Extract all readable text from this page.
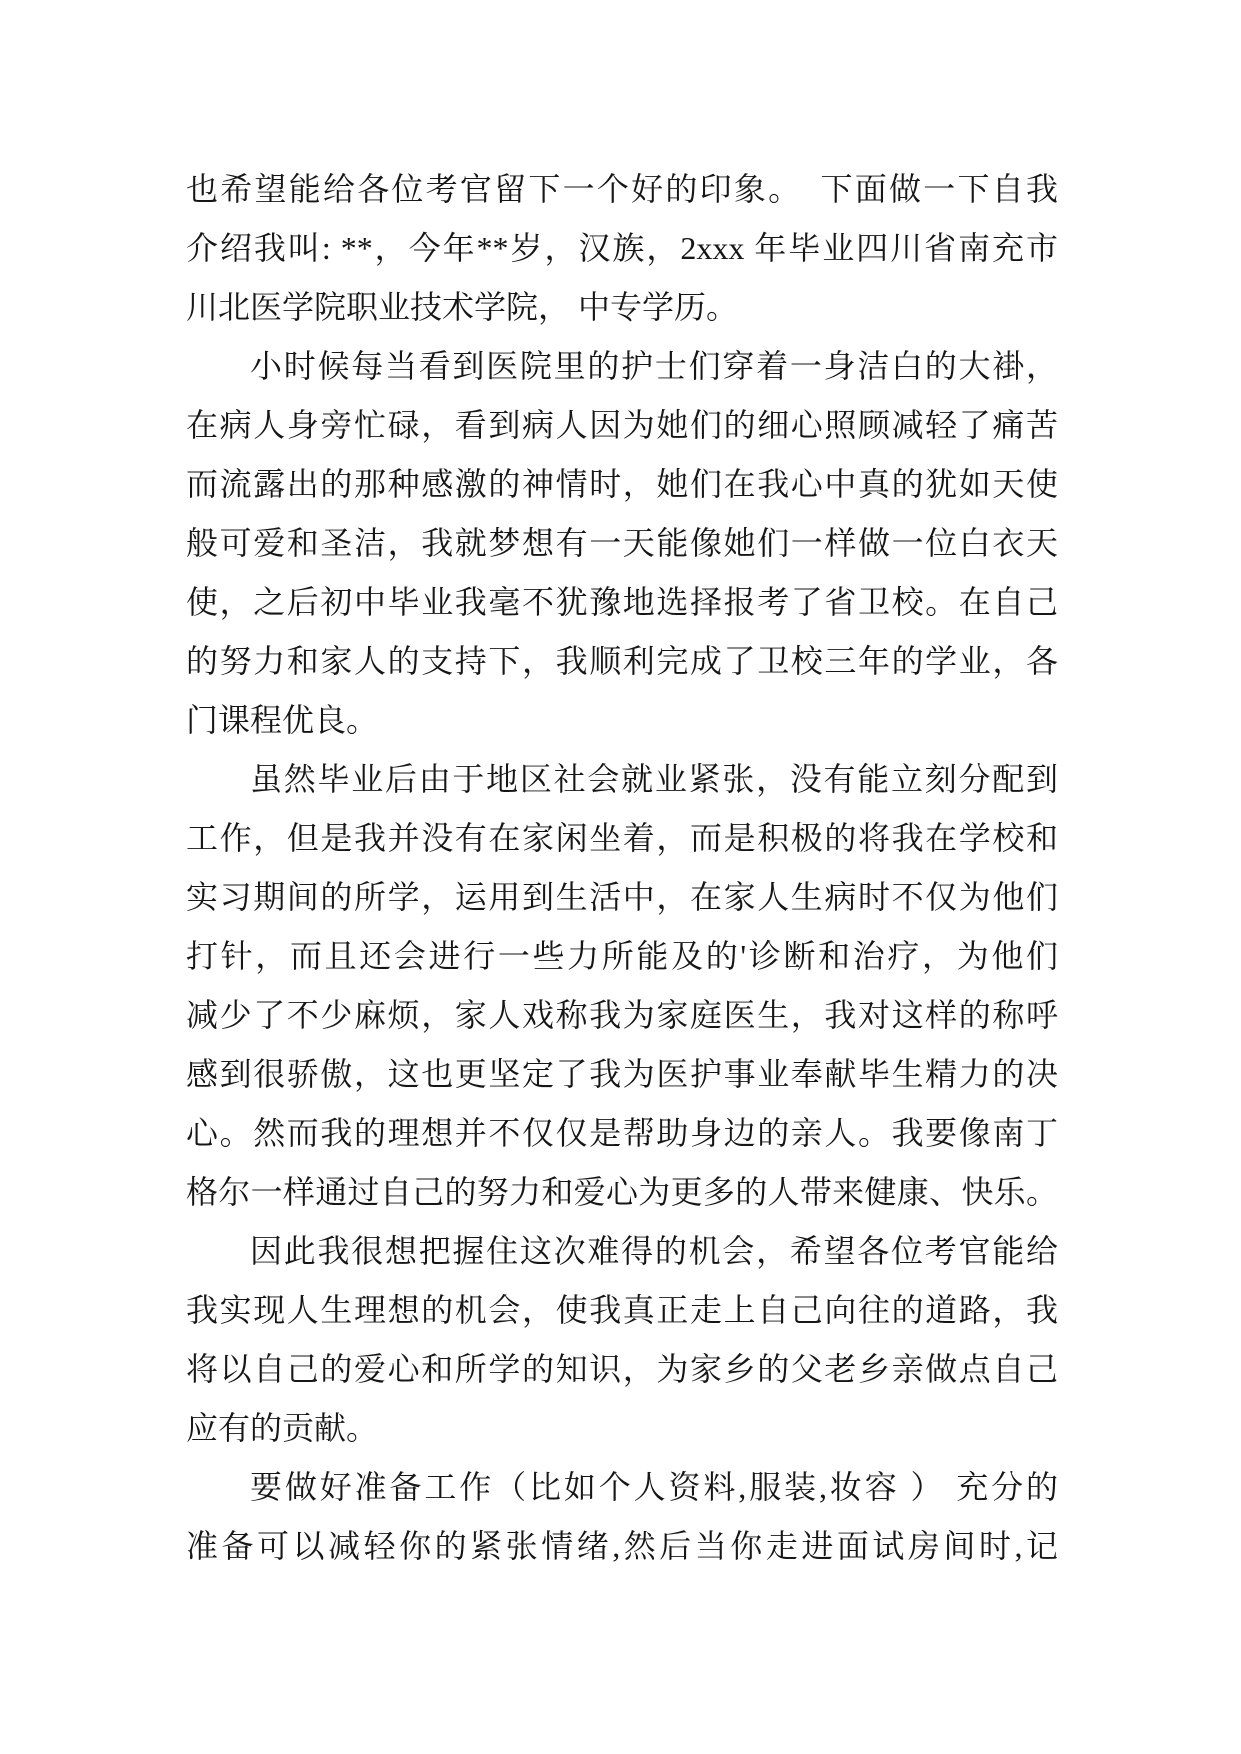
也希望能给各位考官留下一个好的印象。　下面做一下自我
介绍我叫: **，今年**岁，汉族，2xxx 年毕业四川省南充市
川北医学院职业技术学院， 中专学历。
小时候每当看到医院里的护士们穿着一身洁白的大褂，
在病人身旁忙碌，看到病人因为她们的细心照顾减轻了痛苦
而流露出的那种感激的神情时，她们在我心中真的犹如天使
般可爱和圣洁，我就梦想有一天能像她们一样做一位白衣天
使，之后初中毕业我毫不犹豫地选择报考了省卫校。在自己
的努力和家人的支持下，我顺利完成了卫校三年的学业，各
门课程优良。
虽然毕业后由于地区社会就业紧张，没有能立刻分配到
工作，但是我并没有在家闲坐着，而是积极的将我在学校和
实习期间的所学，运用到生活中，在家人生病时不仅为他们
打针，而且还会进行一些力所能及的'诊断和治疗，为他们
减少了不少麻烦，家人戏称我为家庭医生，我对这样的称呼
感到很骄傲，这也更坚定了我为医护事业奉献毕生精力的决
心。然而我的理想并不仅仅是帮助身边的亲人。我要像南丁
格尔一样通过自己的努力和爱心为更多的人带来健康、快乐。
因此我很想把握住这次难得的机会，希望各位考官能给
我实现人生理想的机会，使我真正走上自己向往的道路，我
将以自己的爱心和所学的知识，为家乡的父老乡亲做点自己
应有的贡献。
要做好准备工作（比如个人资料,服装,妆容 ） 充分的
准备可以减轻你的紧张情绪,然后当你走进面试房间时,记
